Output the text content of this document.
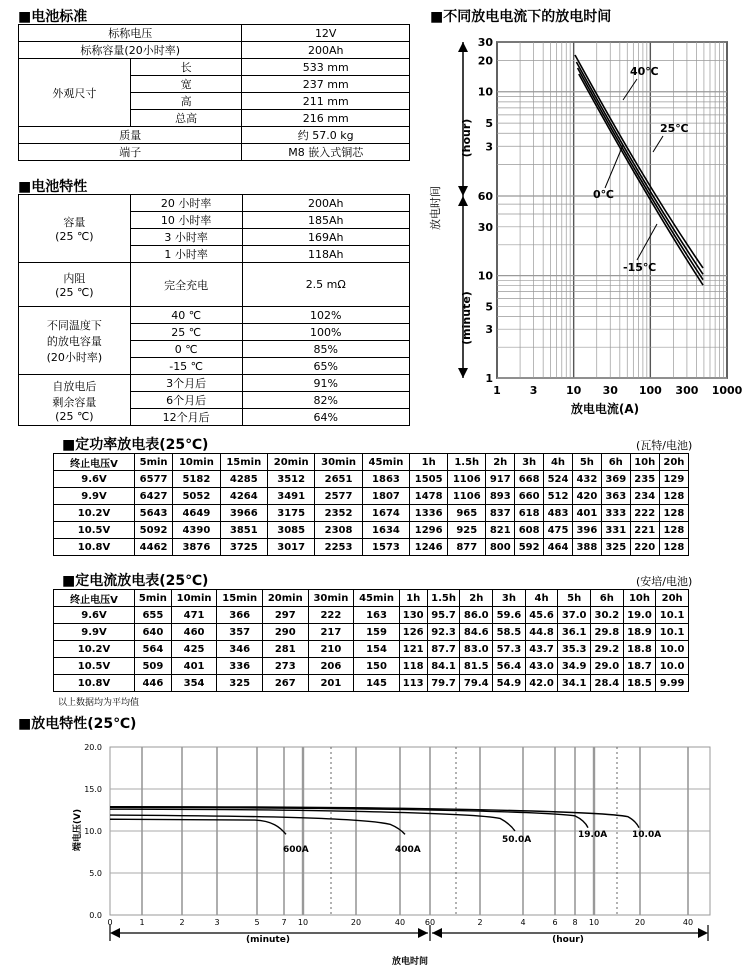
■电池标准
标称电压		12V
标称容量(20小时率)		200Ah
外观尺寸	长	533 mm
	宽	237 mm
	高	211 mm
	总高	216 mm
质量		约 57.0 kg
端子		M8 嵌入式铜芯
■电池特性
容量
(25 ℃)	20 小时率	200Ah
	10 小时率	185Ah
	3 小时率	169Ah
	1 小时率	118Ah

内阻
(25 ℃)	完全充电	2.5 mΩ

不同温度下
的放电容量
(20小时率)	40 ℃	102%
	25 ℃	100%
	0 ℃	85%
	-15 ℃	65%

自放电后
剩余容量
(25 ℃)	3个月后	91%
	6个月后	82%
	12个月后	64%
■不同放电电流下的放电时间
30
20
10
5
3
60
30
10
5
3
1
1	3	10 30 100 300 1000
放电时间
(hour)
(minute)
放电电流(A)
40℃
25℃
0℃
-15℃
■定功率放电表(25℃)	(瓦特/电池)
终止电压V	5min	10min	15min	20min	30min	45min	1h	1.5h	2h	3h	4h	5h	6h	10h	20h
9.6V	6577	5182	4285	3512	2651	1863	1505	1106	917	668	524	432	369	235	129
9.9V	6427	5052	4264	3491	2577	1807	1478	1106	893	660	512	420	363	234	128
10.2V	5643	4649	3966	3175	2352	1674	1336	965	837	618	483	401	333	222	128
10.5V	5092	4390	3851	3085	2308	1634	1296	925	821	608	475	396	331	221	128
10.8V	4462	3876	3725	3017	2253	1573	1246	877	800	592	464	388	325	220	128
■定电流放电表(25℃)	(安培/电池)
终止电压V	5min	10min	15min	20min	30min	45min	1h	1.5h	2h	3h	4h	5h	6h	10h	20h
9.6V	655	471	366	297	222	163	130	95.7	86.0	59.6	45.6	37.0	30.2	19.0	10.1
9.9V	640	460	357	290	217	159	126	92.3	84.6	58.5	44.8	36.1	29.8	18.9	10.1
10.2V	564	425	346	281	210	154	121	87.7	83.0	57.3	43.7	35.3	29.2	18.8	10.0
10.5V	509	401	336	273	206	150	118	84.1	81.5	56.4	43.0	34.9	29.0	18.7	10.0
10.8V	446	354	325	267	201	145	113	79.7	79.4	54.9	42.0	34.1	28.4	18.5	9.99
以上数据均为平均值
■放电特性(25℃)
20.0
15.0
10.0
5.0
0.0
0	1	2	3	5	7 10	20	40 60	2	4	6 8 10	20	40
端电压(V)
(minute)	(hour)
放电时间
600A	400A
50.0A	19.0A	10.0A
